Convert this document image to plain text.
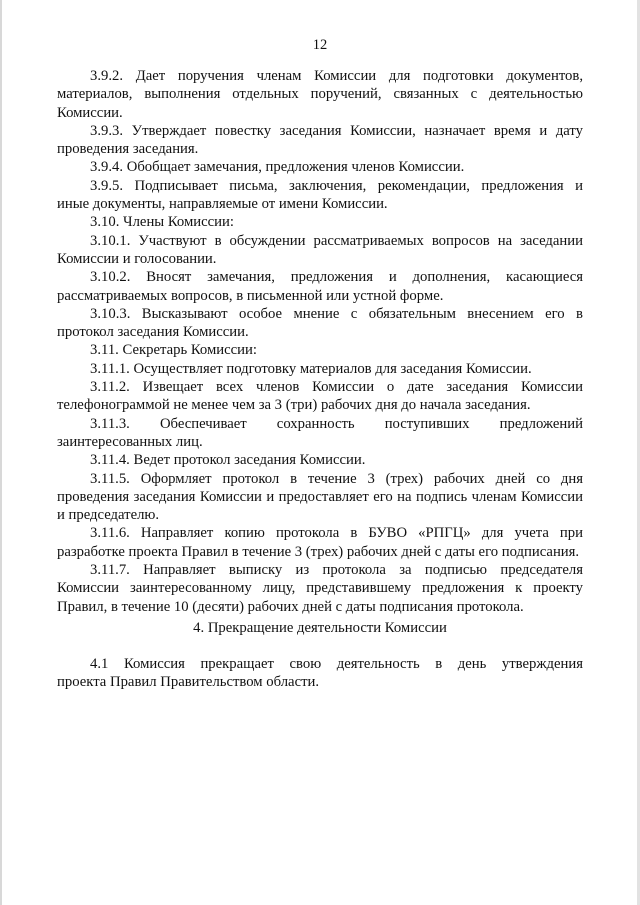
12

3.9.2. Дает поручения членам Комиссии для подготовки документов,
материалов, выполнения отдельных поручений, связанных с деятельностью Комиссии.

3.9.3. Утверждает повестку заседания Комиссии, назначает время и дату
проведения заседания.

3.9.4. Обобщает замечания, предложения членов Комиссии.

3.9.5. Подписывает письма, заключения, рекомендации, предложения и
иные документы, направляемые от имени Комиссии.

3.10. Члены Комиссии:

3.10.1. Участвуют в обсуждении рассматриваемых вопросов на заседании
Комиссии и голосовании.

3.10.2. Вносят замечания, предложения и дополнения, касающиеся
рассматриваемых вопросов, в письменной или устной форме.

3.10.3. Высказывают особое мнение с обязательным внесением его в
протокол заседания Комиссии.

3.11. Секретарь Комиссии:

3.11.1. Осуществляет подготовку материалов для заседания Комиссии.

3.11.2. Извещает всех членов Комиссии о дате заседания Комиссии
телефонограммой не менее чем за 3 (три) рабочих дня до начала заседания.

3.11.3. Обеспечивает сохранность поступивших предложений
заинтересованных лиц.

3.11.4. Ведет протокол заседания Комиссии.

3.11.5. Оформляет протокол в течение 3 (трех) рабочих дней со дня
проведения заседания Комиссии и предоставляет его на подпись членам Комиссии и председателю.

3.11.6. Направляет копию протокола в БУВО «РПГЦ» для учета при
разработке проекта Правил в течение 3 (трех) рабочих дней с даты его подписания.

3.11.7. Направляет выписку из протокола за подписью председателя
Комиссии заинтересованному лицу, представившему предложения к проекту Правил, в течение 10 (десяти) рабочих дней с даты подписания протокола.

4. Прекращение деятельности Комиссии

4.1 Комиссия прекращает свою деятельность в день утверждения
проекта Правил Правительством области.
